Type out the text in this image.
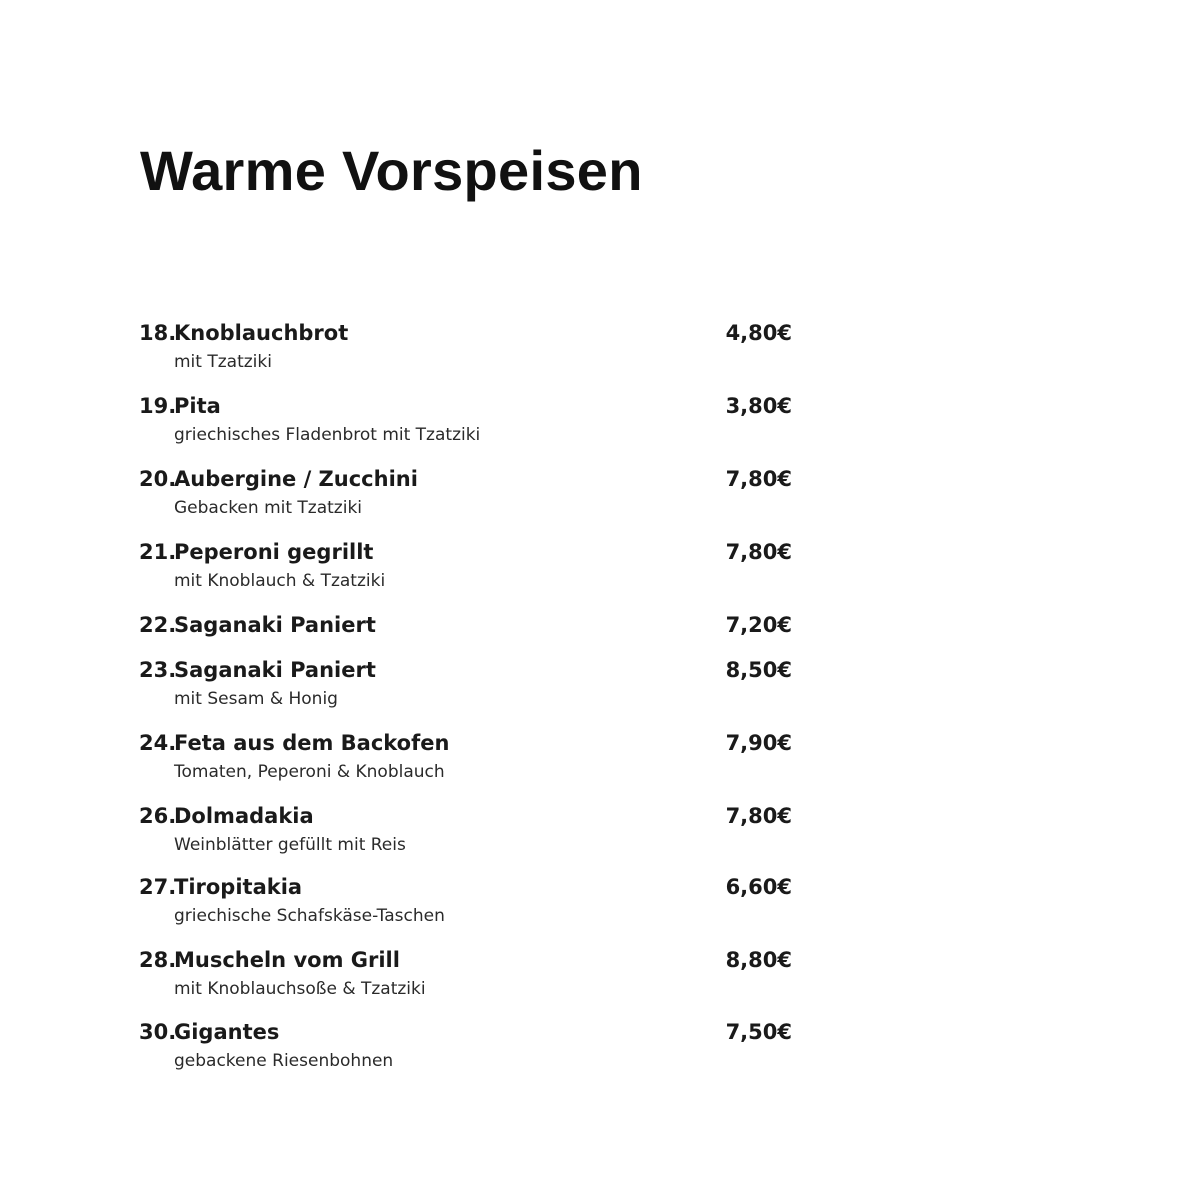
Warme Vorspeisen
18.
Knoblauchbrot
mit Tzatziki
4,80€
19.
Pita
griechisches Fladenbrot mit Tzatziki
3,80€
20.
Aubergine / Zucchini
Gebacken mit Tzatziki
7,80€
21.
Peperoni gegrillt
mit Knoblauch & Tzatziki
7,80€
22.
Saganaki Paniert	7,20€
23.
Saganaki Paniert
mit Sesam & Honig
8,50€
24.
Feta aus dem Backofen
Tomaten, Peperoni & Knoblauch
7,90€
26.
Dolmadakia
Weinblätter gefüllt mit Reis
7,80€
27.
Tiropitakia
griechische Schafskäse-Taschen
6,60€
28.
Muscheln vom Grill
mit Knoblauchsoße & Tzatziki
8,80€
30.
Gigantes
gebackene Riesenbohnen
7,50€
